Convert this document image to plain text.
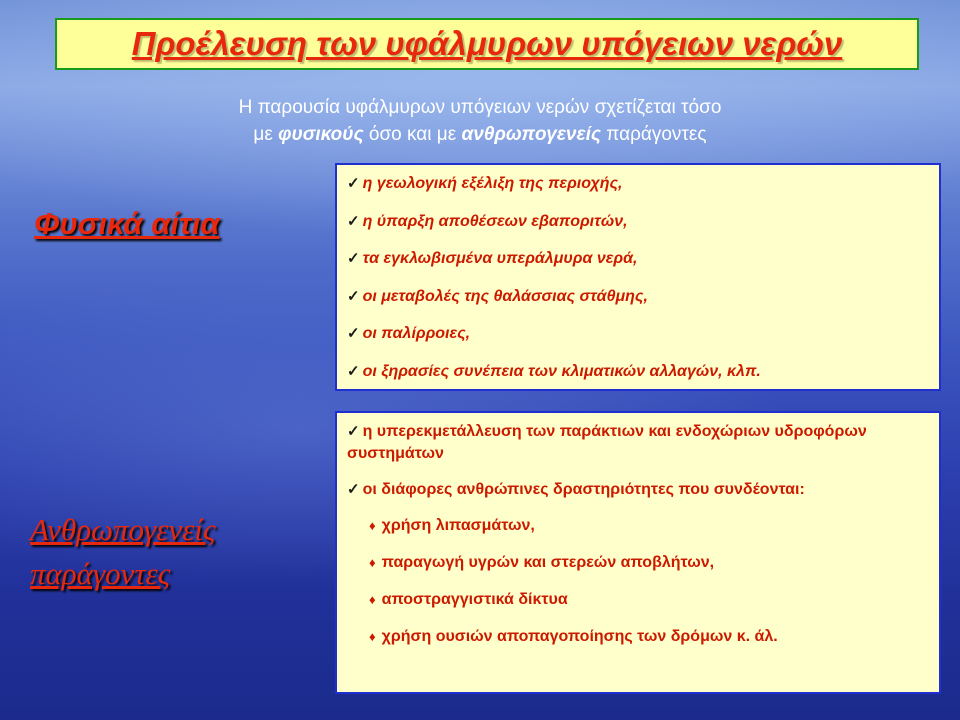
Προέλευση των υφάλμυρων υπόγειων νερών
Η παρουσία υφάλμυρων υπόγειων νερών σχετίζεται τόσο
με φυσικούς όσο και με ανθρωπογενείς παράγοντες
Φυσικά αίτια
✓ η γεωλογική εξέλιξη της περιοχής,
✓ η ύπαρξη αποθέσεων εβαποριτών,
✓ τα εγκλωβισμένα υπεράλμυρα νερά,
✓ οι μεταβολές της θαλάσσιας στάθμης,
✓ οι παλίρροιες,
✓ οι ξηρασίες συνέπεια των κλιματικών αλλαγών, κλπ.
Ανθρωπογενείς
παράγοντες
✓ η υπερεκμετάλλευση των παράκτιων και ενδοχώριων υδροφόρων συστημάτων
✓ οι διάφορες ανθρώπινες δραστηριότητες που συνδέονται:
♦ χρήση λιπασμάτων,
♦ παραγωγή υγρών και στερεών αποβλήτων,
♦ αποστραγγιστικά δίκτυα
♦ χρήση ουσιών αποπαγοποίησης των δρόμων κ. άλ.
